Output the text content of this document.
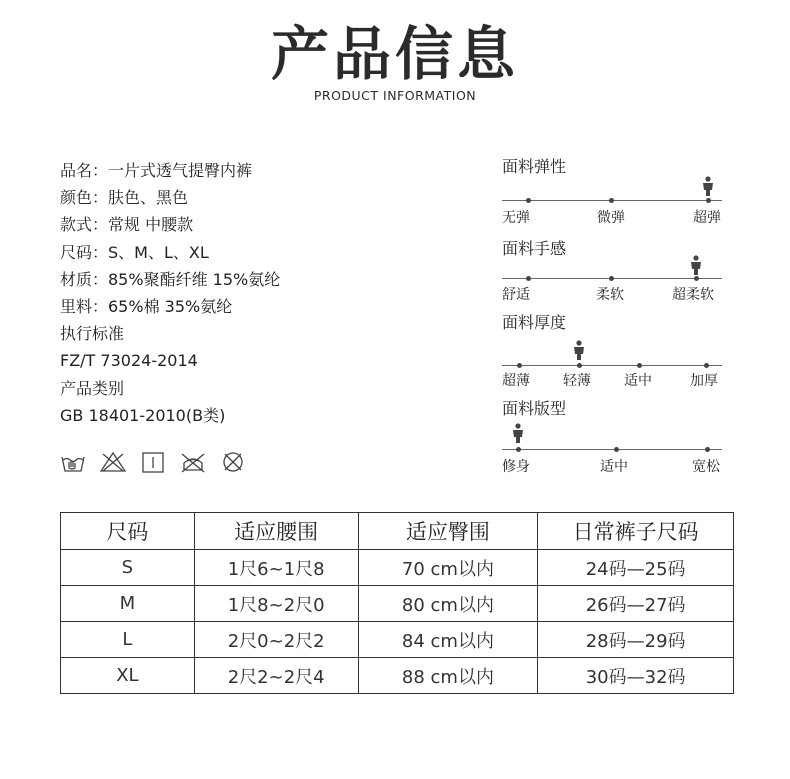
产品信息
PRODUCT INFORMATION
品名：一片式透气提臀内裤
颜色：肤色、黑色
款式：常规 中腰款
尺码：S、M、L、XL
材质：85%聚酯纤维 15%氨纶
里料：65%棉 35%氨纶
执行标准
FZ/T 73024-2014
产品类别
GB 18401-2010(B类)
面料弹性
无弹	微弹	超弹
面料手感
舒适	柔软	超柔软
面料厚度
超薄 轻薄 适中	加厚
面料版型
修身	适中	宽松
尺码	适应腰围	适应臀围	日常裤子尺码
S	1尺6~1尺8	70 cm以内	24码—25码
M	1尺8~2尺0	80 cm以内	26码—27码
L	2尺0~2尺2	84 cm以内	28码—29码
XL	2尺2~2尺4	88 cm以内	30码—32码
